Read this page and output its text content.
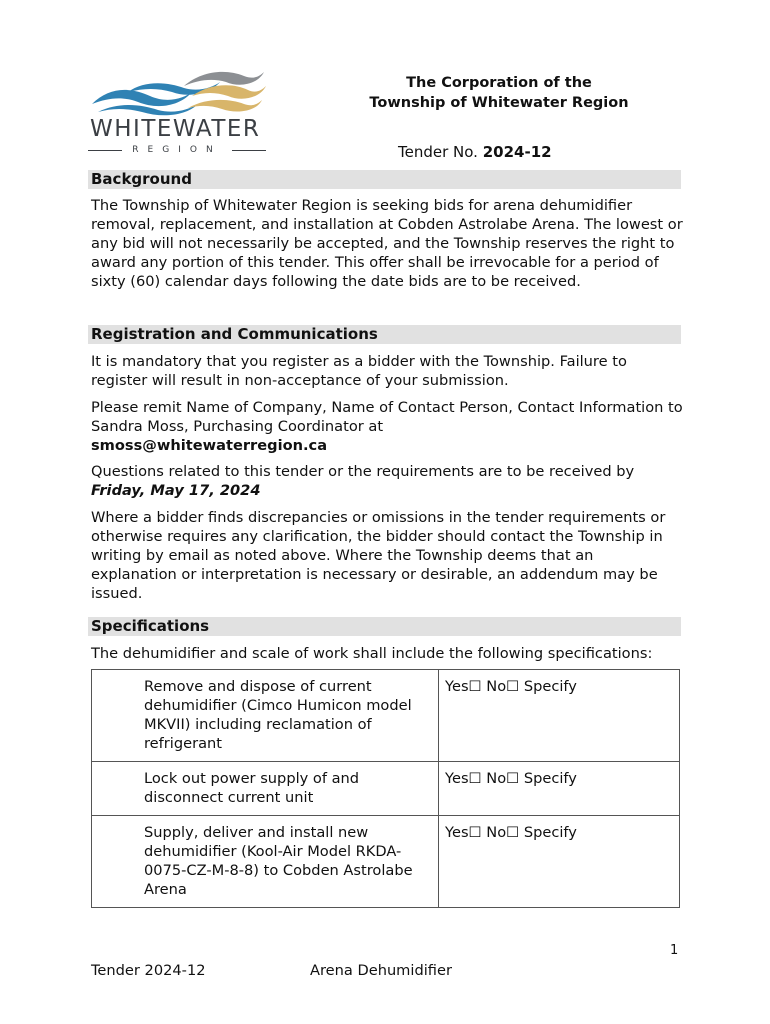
WHITEWATER
REGION
The Corporation of the
Township of Whitewater Region
Tender No. 2024-12
Background
The Township of Whitewater Region is seeking bids for arena dehumidifier removal, replacement, and installation at Cobden Astrolabe Arena. The lowest or any bid will not necessarily be accepted, and the Township reserves the right to award any portion of this tender. This offer shall be irrevocable for a period of sixty (60) calendar days following the date bids are to be received.
Registration and Communications
It is mandatory that you register as a bidder with the Township. Failure to register will result in non-acceptance of your submission.
Please remit Name of Company, Name of Contact Person, Contact Information to Sandra Moss, Purchasing Coordinator at
smoss@whitewaterregion.ca
Questions related to this tender or the requirements are to be received by
Friday, May 17, 2024
Where a bidder finds discrepancies or omissions in the tender requirements or otherwise requires any clarification, the bidder should contact the Township in writing by email as noted above. Where the Township deems that an explanation or interpretation is necessary or desirable, an addendum may be issued.
Specifications
The dehumidifier and scale of work shall include the following specifications:
Remove and dispose of current dehumidifier (Cimco Humicon model MKVII) including reclamation of refrigerant	Yes☐ No☐ Specify
Lock out power supply of and disconnect current unit	Yes☐ No☐ Specify
Supply, deliver and install new dehumidifier (Kool-Air Model RKDA-0075-CZ-M-8-8) to Cobden Astrolabe Arena	Yes☐ No☐ Specify
1
Tender 2024-12	Arena Dehumidifier
